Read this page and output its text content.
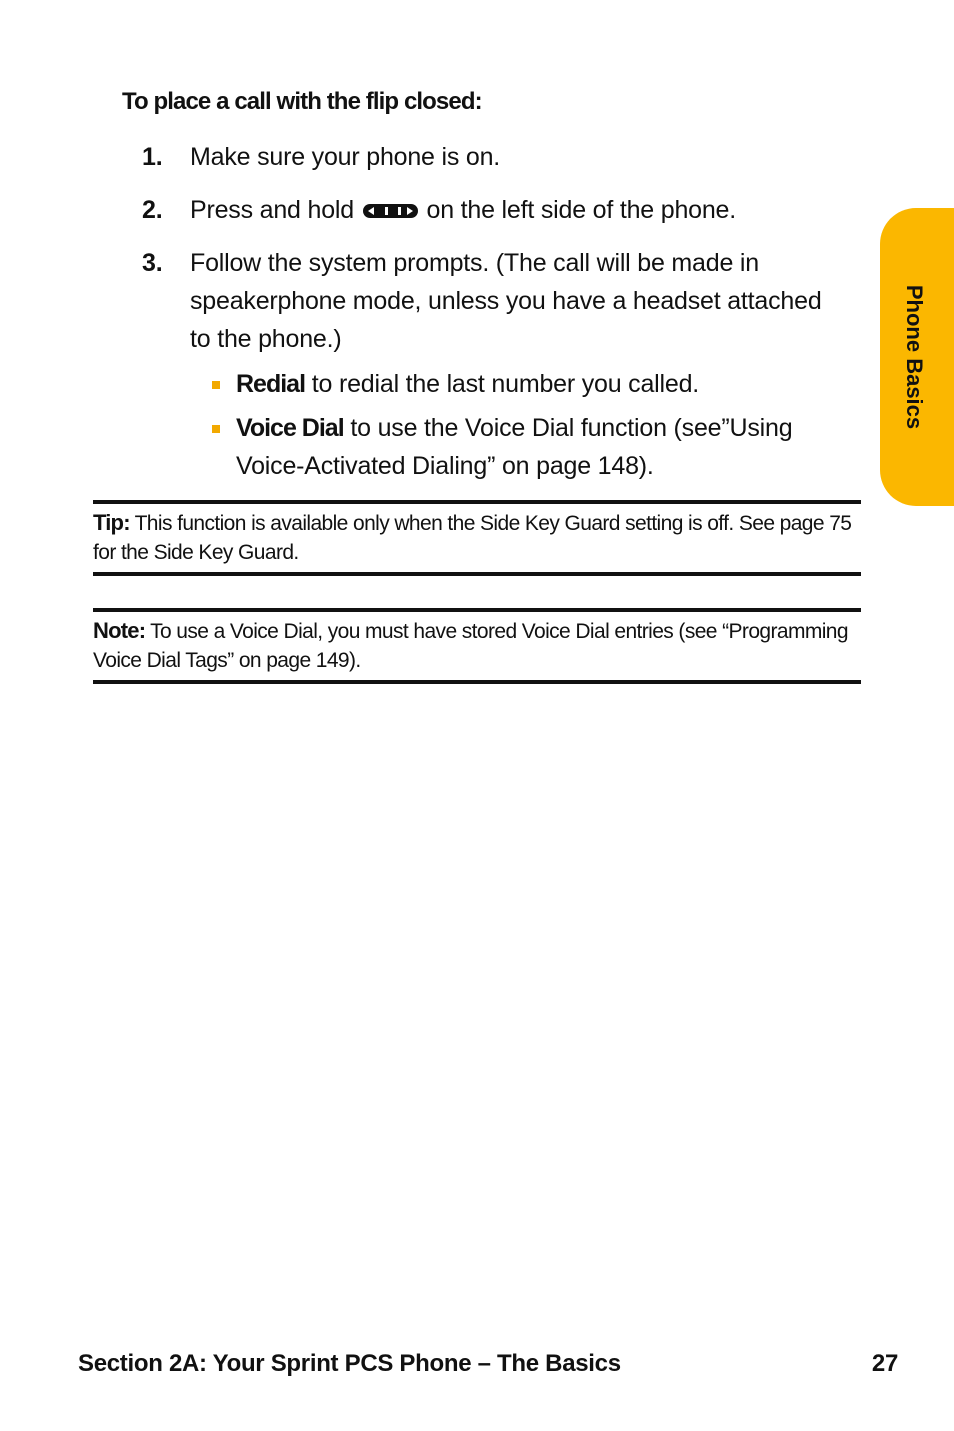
To place a call with the flip closed:
1. Make sure your phone is on.
2. Press and hold	on the left side of the phone.
3. Follow the system prompts. (The call will be made in speakerphone mode, unless you have a headset attached to the phone.)
Redial to redial the last number you called.
Voice Dial to use the Voice Dial function (see”Using Voice-Activated Dialing” on page 148).
Tip: This function is available only when the Side Key Guard setting is off. See page 75 for the Side Key Guard.
Note: To use a Voice Dial, you must have stored Voice Dial entries (see “Programming Voice Dial Tags” on page 149).
Phone Basics
Section 2A: Your Sprint PCS Phone – The Basics	27
